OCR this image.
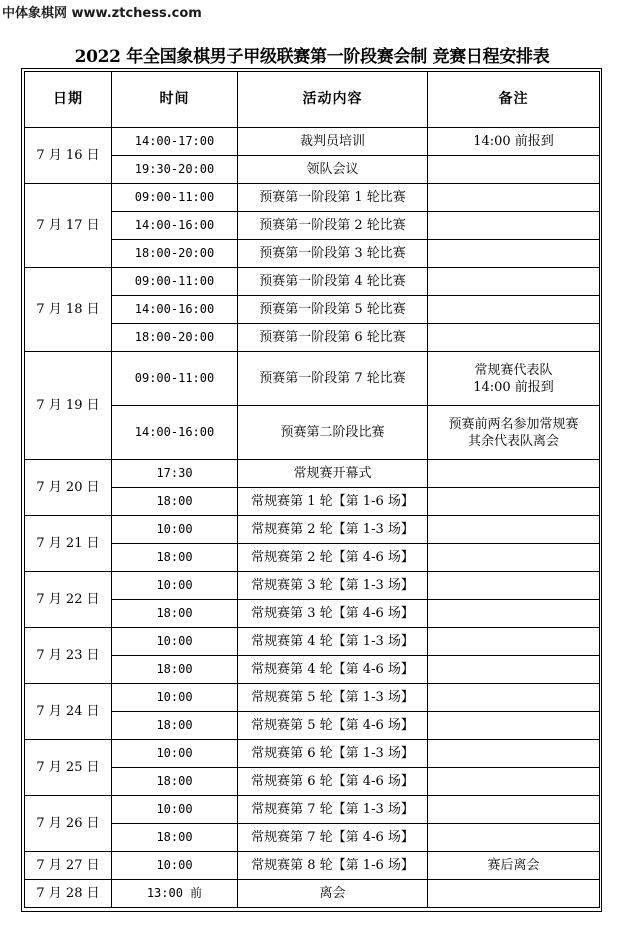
中体象棋网 www.ztchess.com
2022 年全国象棋男子甲级联赛第一阶段赛会制 竞赛日程安排表
日期	时间	活动内容	备注
7 月 16 日	14:00-17:00	裁判员培训	14:00 前报到

	19:30-20:00	领队会议	
7 月 17 日	09:00-11:00	预赛第一阶段第 1 轮比赛	
	14:00-16:00	预赛第一阶段第 2 轮比赛	
	18:00-20:00	预赛第一阶段第 3 轮比赛	
7 月 18 日	09:00-11:00	预赛第一阶段第 4 轮比赛	
	14:00-16:00	预赛第一阶段第 5 轮比赛	
	18:00-20:00	预赛第一阶段第 6 轮比赛	
7 月 19 日	09:00-11:00	预赛第一阶段第 7 轮比赛	常规赛代表队
14:00 前报到

	14:00-16:00	预赛第二阶段比赛	预赛前两名参加常规赛
其余代表队离会

7 月 20 日	17:30	常规赛开幕式	
	18:00	常规赛第 1 轮【第 1-6 场】	
7 月 21 日	10:00	常规赛第 2 轮【第 1-3 场】	
	18:00	常规赛第 2 轮【第 4-6 场】	
7 月 22 日	10:00	常规赛第 3 轮【第 1-3 场】	
	18:00	常规赛第 3 轮【第 4-6 场】	
7 月 23 日	10:00	常规赛第 4 轮【第 1-3 场】	
	18:00	常规赛第 4 轮【第 4-6 场】	
7 月 24 日	10:00	常规赛第 5 轮【第 1-3 场】	
	18:00	常规赛第 5 轮【第 4-6 场】	
7 月 25 日	10:00	常规赛第 6 轮【第 1-3 场】	
	18:00	常规赛第 6 轮【第 4-6 场】	
7 月 26 日	10:00	常规赛第 7 轮【第 1-3 场】	
	18:00	常规赛第 7 轮【第 4-6 场】	
7 月 27 日	10:00	常规赛第 8 轮【第 1-6 场】	赛后离会

7 月 28 日	13:00 前	离会	
